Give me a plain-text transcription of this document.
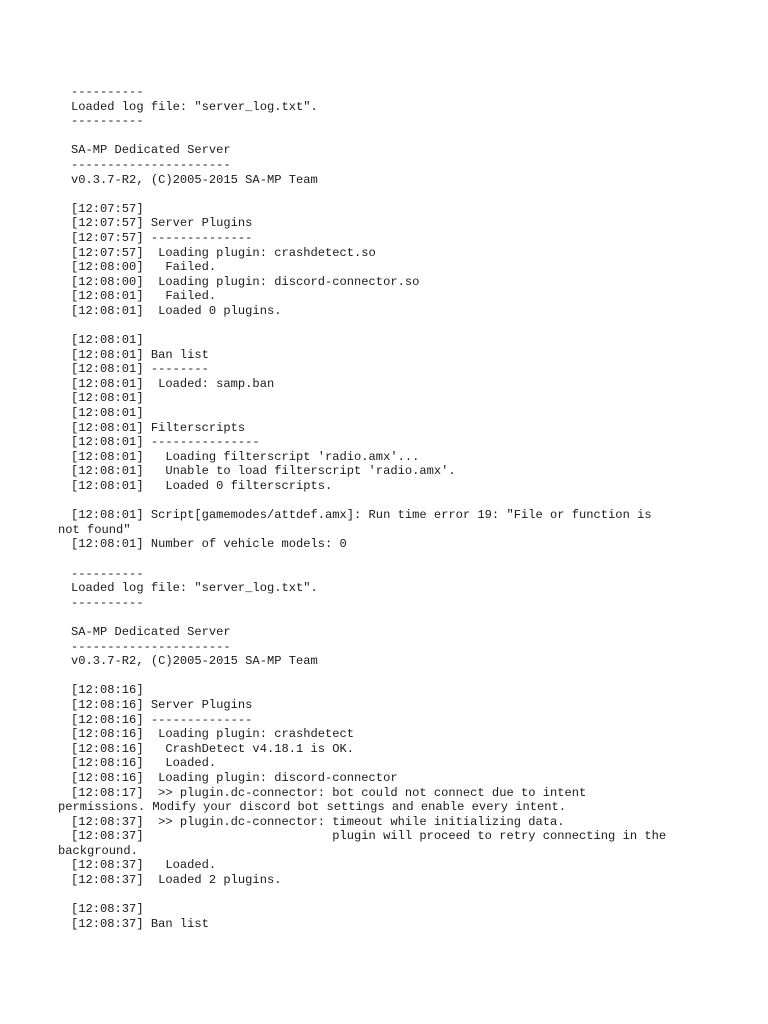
----------
Loaded log file: "server_log.txt".
----------
SA-MP Dedicated Server
----------------------
v0.3.7-R2, (C)2005-2015 SA-MP Team
[12:07:57]
[12:07:57] Server Plugins
[12:07:57] --------------
[12:07:57]  Loading plugin: crashdetect.so
[12:08:00]   Failed.
[12:08:00]  Loading plugin: discord-connector.so
[12:08:01]   Failed.
[12:08:01]  Loaded 0 plugins.
[12:08:01]
[12:08:01] Ban list
[12:08:01] --------
[12:08:01]  Loaded: samp.ban
[12:08:01]
[12:08:01]
[12:08:01] Filterscripts
[12:08:01] ---------------
[12:08:01]   Loading filterscript 'radio.amx'...
[12:08:01]   Unable to load filterscript 'radio.amx'.
[12:08:01]   Loaded 0 filterscripts.
[12:08:01] Script[gamemodes/attdef.amx]: Run time error 19: "File or function is
not found"
[12:08:01] Number of vehicle models: 0
----------
Loaded log file: "server_log.txt".
----------
SA-MP Dedicated Server
----------------------
v0.3.7-R2, (C)2005-2015 SA-MP Team
[12:08:16]
[12:08:16] Server Plugins
[12:08:16] --------------
[12:08:16]  Loading plugin: crashdetect
[12:08:16]   CrashDetect v4.18.1 is OK.
[12:08:16]   Loaded.
[12:08:16]  Loading plugin: discord-connector
[12:08:17]  >> plugin.dc-connector: bot could not connect due to intent
permissions. Modify your discord bot settings and enable every intent.
[12:08:37]  >> plugin.dc-connector: timeout while initializing data.
[12:08:37]                          plugin will proceed to retry connecting in the
background.
[12:08:37]   Loaded.
[12:08:37]  Loaded 2 plugins.
[12:08:37]
[12:08:37] Ban list
